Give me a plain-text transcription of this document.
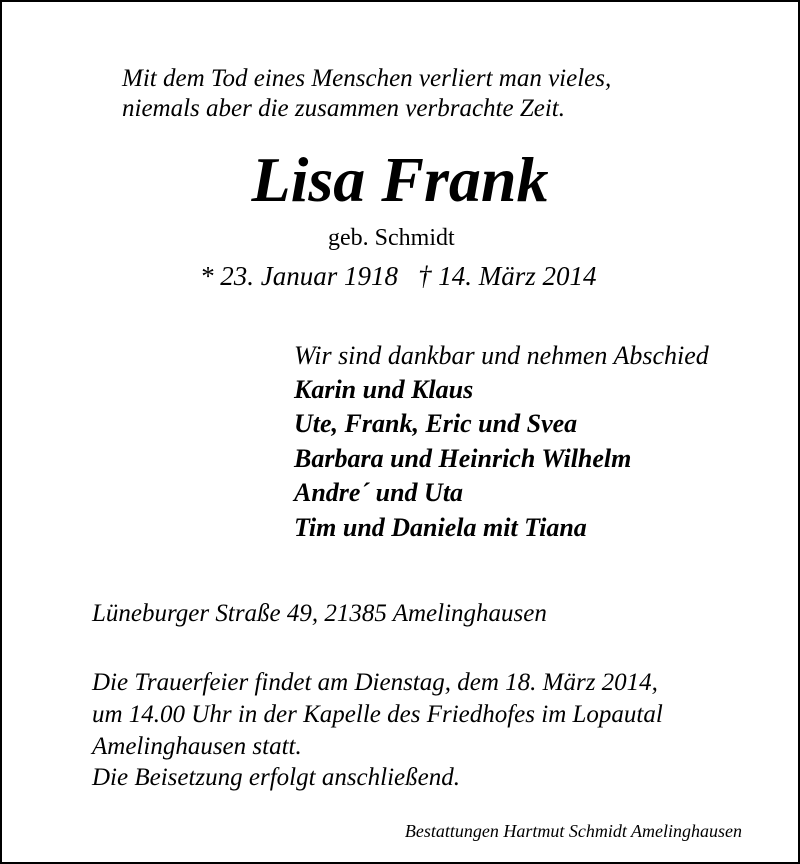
Mit dem Tod eines Menschen verliert man vieles,
niemals aber die zusammen verbrachte Zeit.
Lisa Frank
geb. Schmidt
* 23. Januar 1918 † 14. März 2014
Wir sind dankbar und nehmen Abschied
Karin und Klaus
Ute, Frank, Eric und Svea
Barbara und Heinrich Wilhelm
Andre´ und Uta
Tim und Daniela mit Tiana
Lüneburger Straße 49, 21385 Amelinghausen
Die Trauerfeier findet am Dienstag, dem 18. März 2014,
um 14.00 Uhr in der Kapelle des Friedhofes im Lopautal
Amelinghausen statt.
Die Beisetzung erfolgt anschließend.
Bestattungen Hartmut Schmidt Amelinghausen
